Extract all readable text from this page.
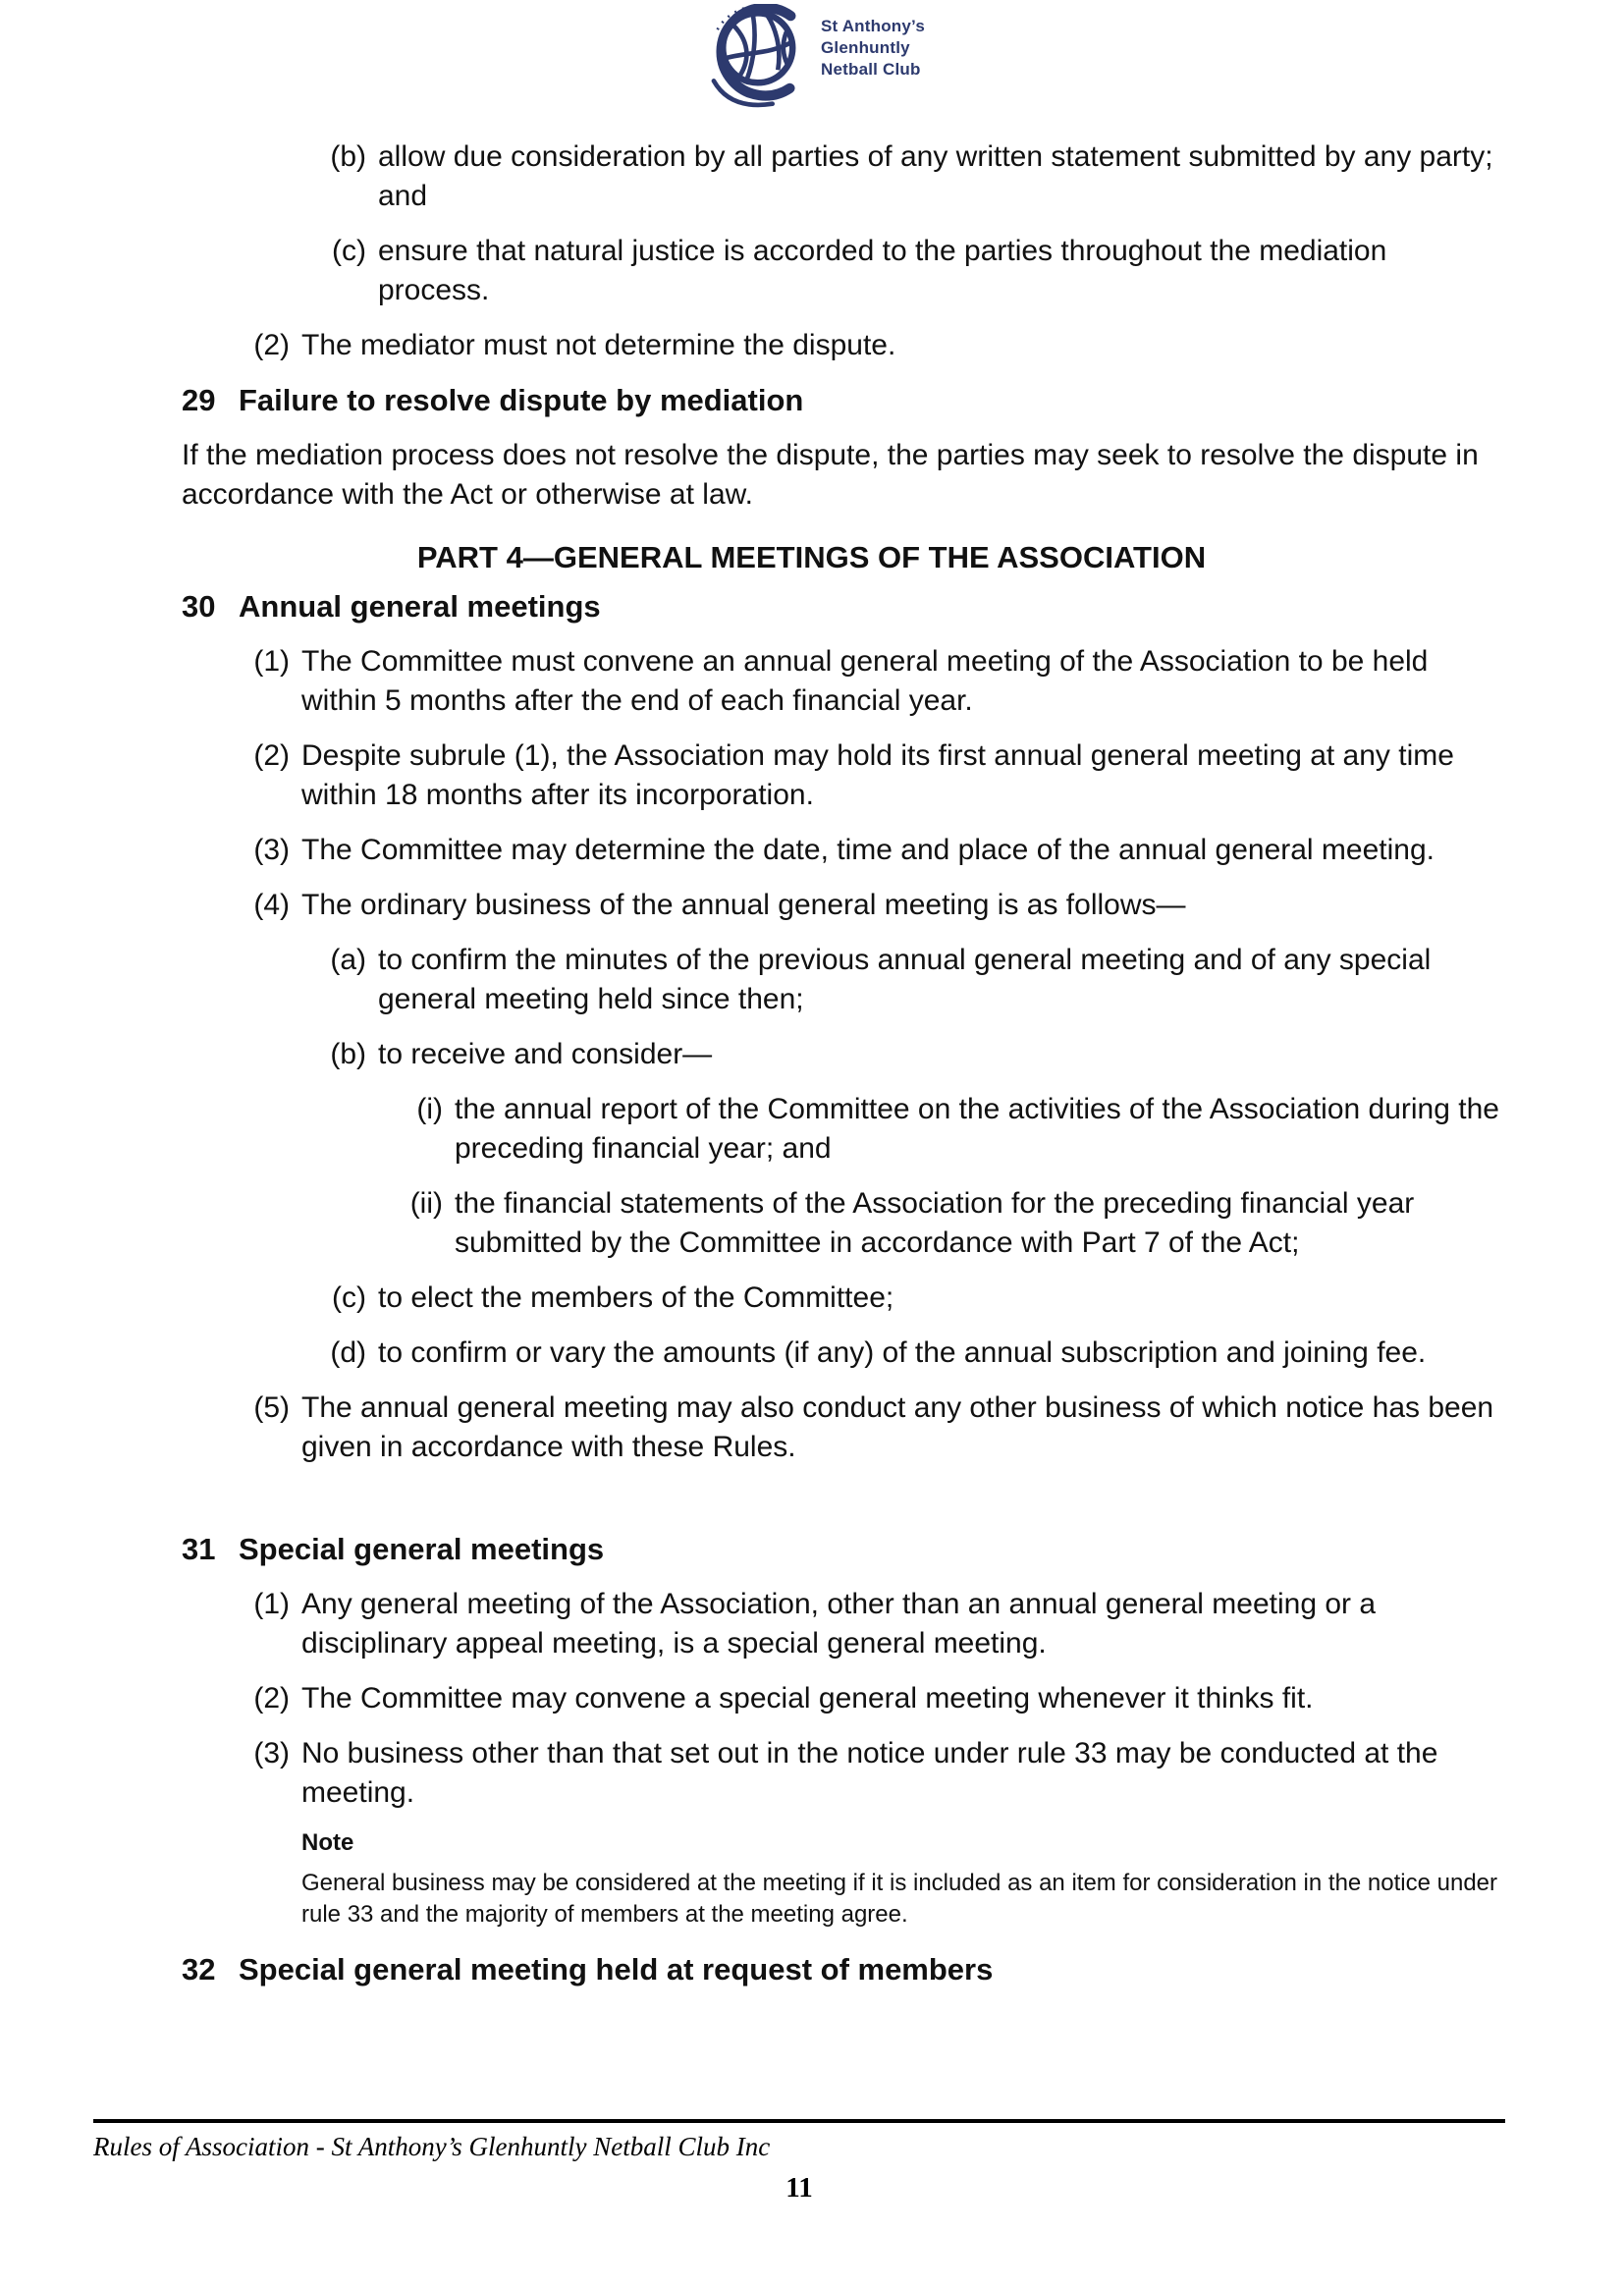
St Anthony’s
Glenhuntly
Netball Club
(b) allow due consideration by all parties of any written statement submitted by any party; and
(c) ensure that natural justice is accorded to the parties throughout the mediation process.
(2) The mediator must not determine the dispute.
29 Failure to resolve dispute by mediation
If the mediation process does not resolve the dispute, the parties may seek to resolve the dispute in accordance with the Act or otherwise at law.
PART 4—GENERAL MEETINGS OF THE ASSOCIATION
30 Annual general meetings
(1) The Committee must convene an annual general meeting of the Association to be held within 5 months after the end of each financial year.
(2) Despite subrule (1), the Association may hold its first annual general meeting at any time within 18 months after its incorporation.
(3) The Committee may determine the date, time and place of the annual general meeting.
(4) The ordinary business of the annual general meeting is as follows—
(a) to confirm the minutes of the previous annual general meeting and of any special general meeting held since then;
(b) to receive and consider—
(i) the annual report of the Committee on the activities of the Association during the preceding financial year; and
(ii) the financial statements of the Association for the preceding financial year submitted by the Committee in accordance with Part 7 of the Act;
(c) to elect the members of the Committee;
(d) to confirm or vary the amounts (if any) of the annual subscription and joining fee.
(5) The annual general meeting may also conduct any other business of which notice has been given in accordance with these Rules.
31 Special general meetings
(1) Any general meeting of the Association, other than an annual general meeting or a disciplinary appeal meeting, is a special general meeting.
(2) The Committee may convene a special general meeting whenever it thinks fit.
(3) No business other than that set out in the notice under rule 33 may be conducted at the meeting.
Note
General business may be considered at the meeting if it is included as an item for consideration in the notice under rule 33 and the majority of members at the meeting agree.
32 Special general meeting held at request of members
Rules of Association - St Anthony’s Glenhuntly Netball Club Inc
11
